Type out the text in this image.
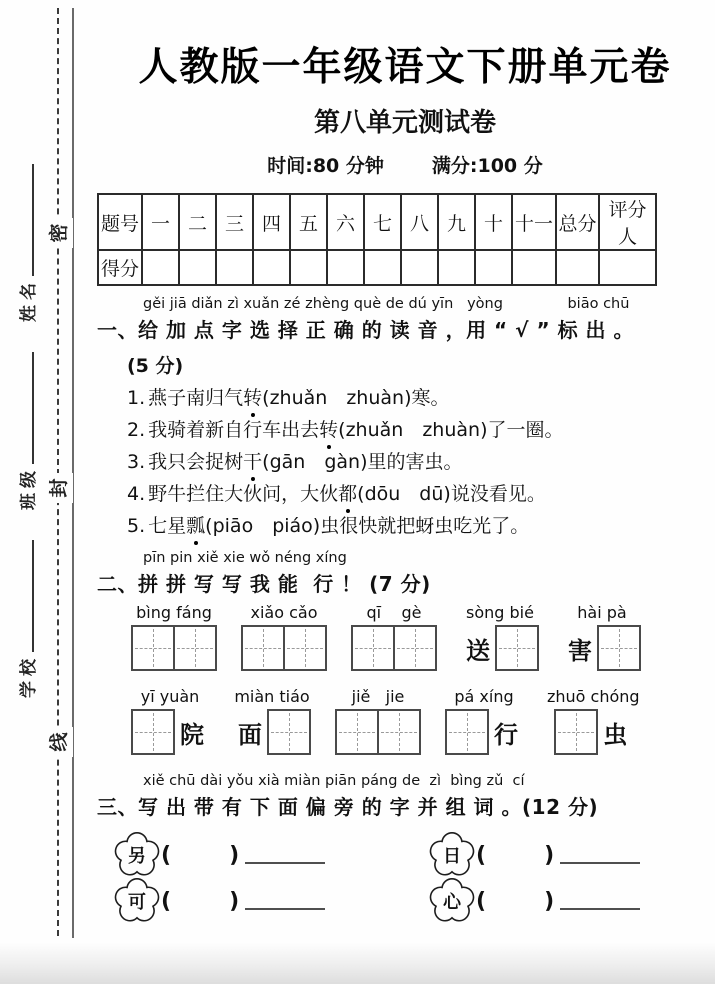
姓名
班级
学校
密
封
线
人教版一年级语文下册单元卷
第八单元测试卷
时间:80 分钟	满分:100 分
题号	一	二	三	四	五	六	七	八	九	十	十一	总分	评分人
得分													
gěi jiā diǎn zì xuǎn zé zhèng què de dú yīn   yòng              biāo chū
一、给 加 点 字 选 择 正 确 的 读 音 ，用 “ √ ” 标 出 。
(5 分)
1. 燕子南归气转(zhuǎn　zhuàn)寒。
2. 我骑着新自行车出去转(zhuǎn　zhuàn)了一圈。
3. 我只会捉树干(gān　gàn)里的害虫。
4. 野牛拦住大伙问，大伙都(dōu　dū)说没看见。
5. 七星瓢(piāo　piáo)虫很快就把蚜虫吃光了。
pīn pin xiě xie wǒ néng xíng
二、拼 拼 写 写 我 能  行 ！ (7 分)
bìng fáng xiǎo cǎo	qī    gè	sòng bié
送
hài pà
害
yī yuàn
院
miàn tiáo
面
jiě   jie	pá xíng
行
zhuō chóng
虫
xiě chū dài yǒu xià miàn piān páng de  zì  bìng zǔ  cí
三、写 出 带 有 下 面 偏 旁 的 字 并 组 词 。(12 分)
另 (	)	日 (	)
可 (	)	心 (	)
